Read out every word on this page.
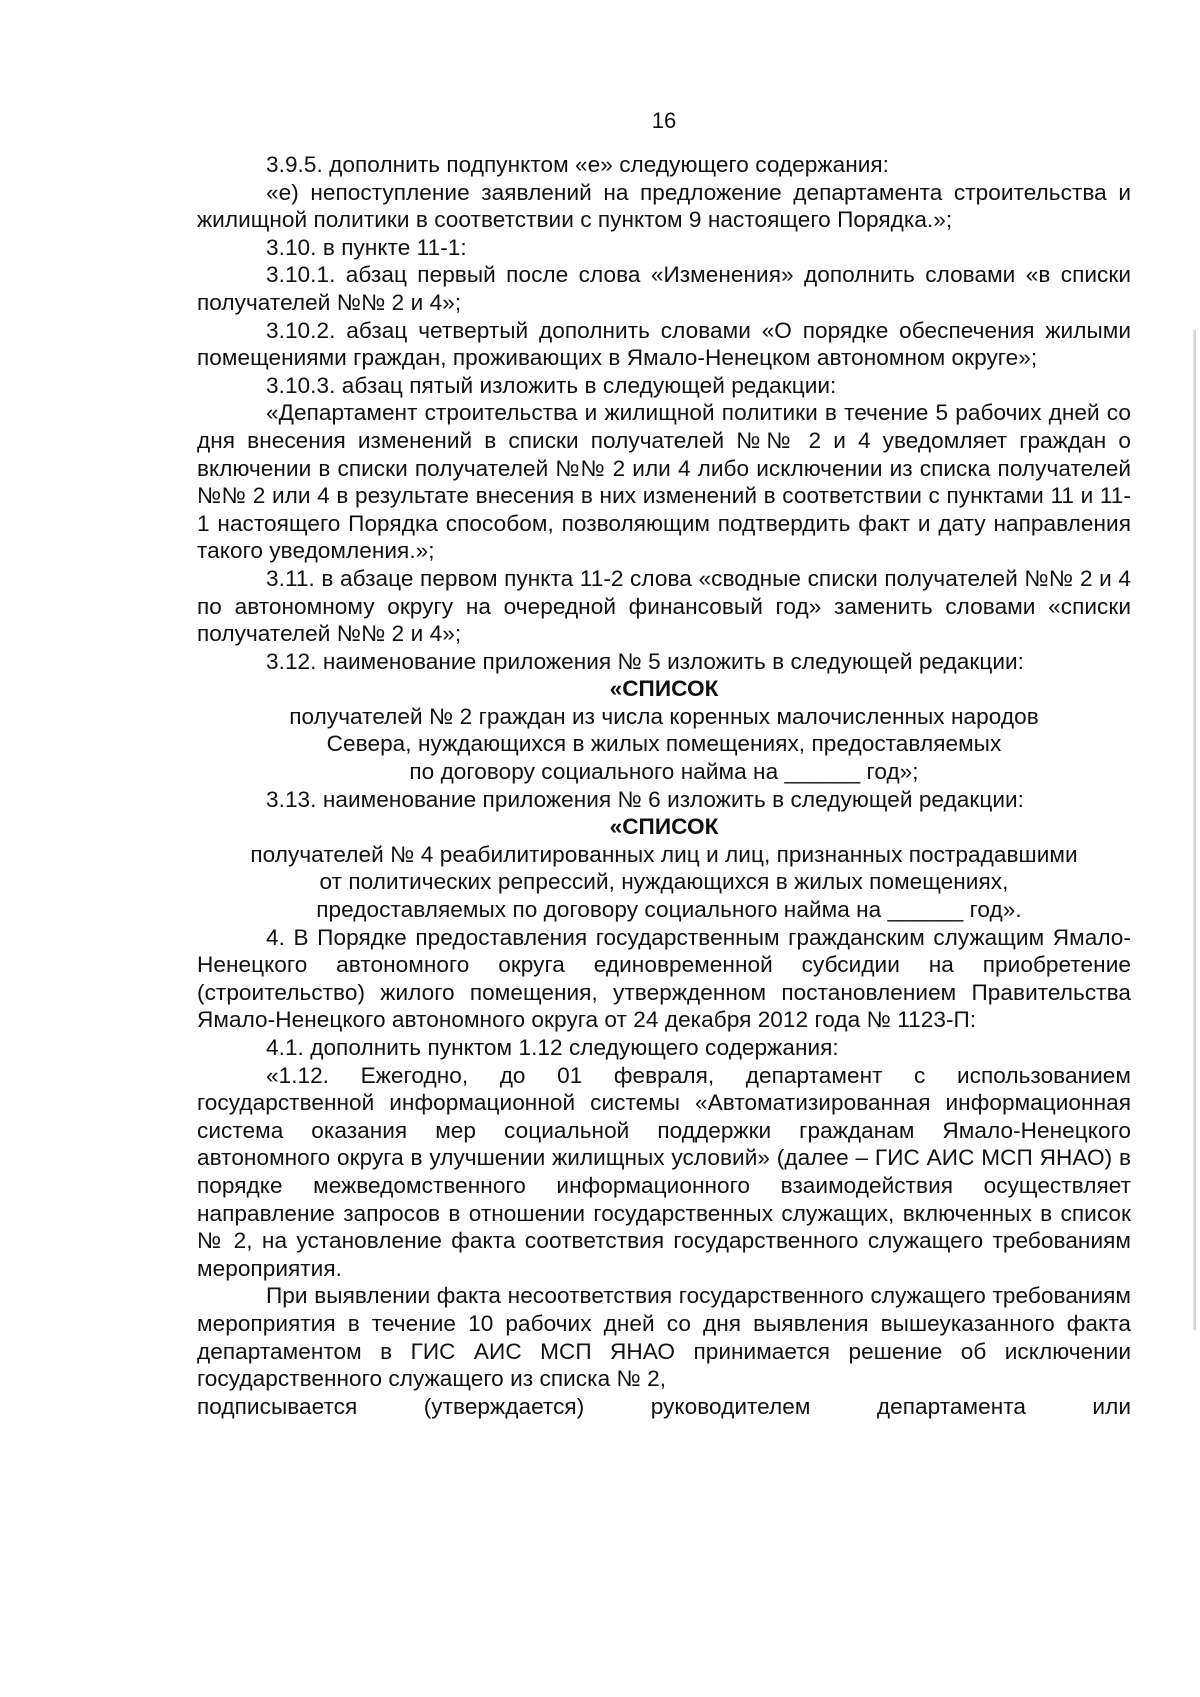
16

3.9.5. дополнить подпунктом «е» следующего содержания:

«е) непоступление заявлений на предложение департамента строительства и жилищной политики в соответствии с пунктом 9 настоящего Порядка.»;

3.10. в пункте 11-1:

3.10.1. абзац первый после слова «Изменения» дополнить словами «в списки получателей №№ 2 и 4»;

3.10.2. абзац четвертый дополнить словами «О порядке обеспечения жилыми помещениями граждан, проживающих в Ямало-Ненецком автономном округе»;

3.10.3. абзац пятый изложить в следующей редакции:

«Департамент строительства и жилищной политики в течение 5 рабочих дней со дня внесения изменений в списки получателей №№ 2 и 4 уведомляет граждан о включении в списки получателей №№ 2 или 4 либо исключении из списка получателей №№ 2 или 4 в результате внесения в них изменений в соответствии с пунктами 11 и 11-1 настоящего Порядка способом, позволяющим подтвердить факт и дату направления такого уведомления.»;

3.11. в абзаце первом пункта 11-2 слова «сводные списки получателей №№ 2 и 4 по автономному округу на очередной финансовый год» заменить словами «списки получателей №№ 2 и 4»;

3.12. наименование приложения № 5 изложить в следующей редакции:

«СПИСОК

получателей № 2 граждан из числа коренных малочисленных народов

Севера, нуждающихся в жилых помещениях, предоставляемых

по договору социального найма на ______ год»;

3.13. наименование приложения № 6 изложить в следующей редакции:

«СПИСОК

получателей № 4 реабилитированных лиц и лиц, признанных пострадавшими

от политических репрессий, нуждающихся в жилых помещениях,

предоставляемых по договору социального найма на ______ год».

4. В Порядке предоставления государственным гражданским служащим Ямало-Ненецкого автономного округа единовременной субсидии на приобретение (строительство) жилого помещения, утвержденном постановлением Правительства Ямало-Ненецкого автономного округа от 24 декабря 2012 года № 1123-П:

4.1. дополнить пунктом 1.12 следующего содержания:

«1.12. Ежегодно, до 01 февраля, департамент с использованием государственной информационной системы «Автоматизированная информационная система оказания мер социальной поддержки гражданам Ямало-Ненецкого автономного округа в улучшении жилищных условий» (далее – ГИС АИС МСП ЯНАО) в порядке межведомственного информационного взаимодействия осуществляет направление запросов в отношении государственных служащих, включенных в список № 2, на установление факта соответствия государственного служащего требованиям мероприятия.

При выявлении факта несоответствия государственного служащего требованиям мероприятия в течение 10 рабочих дней со дня выявления вышеуказанного факта департаментом в ГИС АИС МСП ЯНАО принимается решение об исключении государственного служащего из списка № 2,

подписывается (утверждается) руководителем департамента или
